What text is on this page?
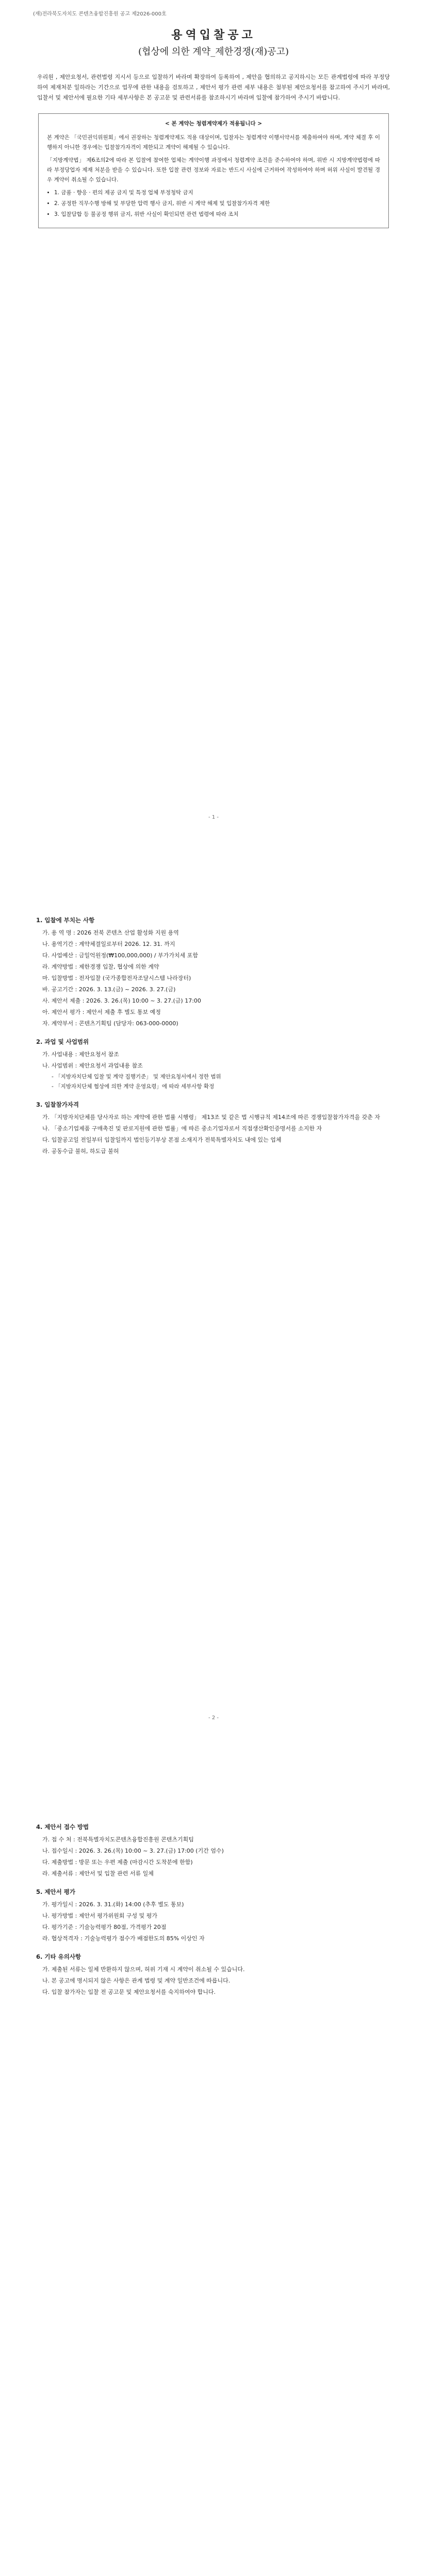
(재)전라북도자치도 콘텐츠융합진흥원 공고 제2026-000호
용역입찰공고
(협상에 의한 계약_제한경쟁(재)공고)
우리원 , 제안요청서, 관련법령 지시서 등으로 입찰하기 바라며 확장하여 등록하여 , 제안을 협의하고 공지하시는 모든 관계법령에 따라 부정당하여 제재처분 일하라는 기간으로 업무에 관한 내용을 검토하고 , 제안서 평가 관련 세부 내용은 첨부된 제안요청서를 참고하여 주시기 바라며, 입찰서 및 제안서에 필요한 기타 세부사항은 본 공고문 및 관련서류를 참조하시기 바라며 입찰에 참가하여 주시기 바랍니다.
< 본 계약는 청렴계약제가 적용됩니다 >
본 계약은 「국민권익위원회」에서 권장하는 청렴계약제도 적용 대상이며, 입찰자는 청렴계약 이행서약서를 제출하여야 하며, 계약 체결 후 이행하지 아니한 경우에는 입찰참가자격이 제한되고 계약이 해제될 수 있습니다.
「지방계약법」 제6조의2에 따라 본 입찰에 참여한 업체는 계약이행 과정에서 청렴계약 조건을 준수하여야 하며, 위반 시 지방계약법령에 따라 부정당업자 제재 처분을 받을 수 있습니다. 또한 입찰 관련 정보와 자료는 반드시 사실에 근거하여 작성하여야 하며 허위 사실이 발견될 경우 계약이 취소될 수 있습니다.
• 1. 금품 · 향응 · 편의 제공 금지 및 특정 업체 부정청탁 금지
• 2. 공정한 직무수행 방해 및 부당한 압력 행사 금지, 위반 시 계약 해제 및 입찰참가자격 제한
• 3. 입찰담합 등 불공정 행위 금지, 위반 사실이 확인되면 관련 법령에 따라 조치
- 1 -
1. 입찰에 부치는 사항
가. 용 역 명 : 2026 전북 콘텐츠 산업 활성화 지원 용역
나. 용역기간 : 계약체결일로부터 2026. 12. 31. 까지
다. 사업예산 : 금일억원정(₩100,000,000) / 부가가치세 포함
라. 계약방법 : 제한경쟁 입찰, 협상에 의한 계약
마. 입찰방법 : 전자입찰 (국가종합전자조달시스템 나라장터)
바. 공고기간 : 2026. 3. 13.(금) ~ 2026. 3. 27.(금)
사. 제안서 제출 : 2026. 3. 26.(목) 10:00 ~ 3. 27.(금) 17:00
아. 제안서 평가 : 제안서 제출 후 별도 통보 예정
자. 계약부서 : 콘텐츠기획팀 (담당자: 063-000-0000)
2. 과업 및 사업범위
가. 사업내용 : 제안요청서 참조
나. 사업범위 : 제안요청서 과업내용 참조
- 「지방자치단체 입찰 및 계약 집행기준」 및 제안요청서에서 정한 범위
- 「지방자치단체 협상에 의한 계약 운영요령」에 따라 세부사항 확정
3. 입찰참가자격
가. 「지방자치단체를 당사자로 하는 계약에 관한 법률 시행령」 제13조 및 같은 법 시행규칙 제14조에 따른 경쟁입찰참가자격을 갖춘 자
나. 「중소기업제품 구매촉진 및 판로지원에 관한 법률」에 따른 중소기업자로서 직접생산확인증명서를 소지한 자
다. 입찰공고일 전일부터 입찰일까지 법인등기부상 본점 소재지가 전북특별자치도 내에 있는 업체
라. 공동수급 불허, 하도급 불허
- 2 -
4. 제안서 접수 방법
가. 접 수 처 : 전북특별자치도콘텐츠융합진흥원 콘텐츠기획팀
나. 접수일시 : 2026. 3. 26.(목) 10:00 ~ 3. 27.(금) 17:00 (기간 엄수)
다. 제출방법 : 방문 또는 우편 제출 (마감시간 도착분에 한함)
라. 제출서류 : 제안서 및 입찰 관련 서류 일체
5. 제안서 평가
가. 평가일시 : 2026. 3. 31.(화) 14:00 (추후 별도 통보)
나. 평가방법 : 제안서 평가위원회 구성 및 평가
다. 평가기준 : 기술능력평가 80점, 가격평가 20점
라. 협상적격자 : 기술능력평가 점수가 배점한도의 85% 이상인 자
6. 기타 유의사항
가. 제출된 서류는 일체 반환하지 않으며, 허위 기재 시 계약이 취소될 수 있습니다.
나. 본 공고에 명시되지 않은 사항은 관계 법령 및 계약 일반조건에 따릅니다.
다. 입찰 참가자는 입찰 전 공고문 및 제안요청서를 숙지하여야 합니다.
